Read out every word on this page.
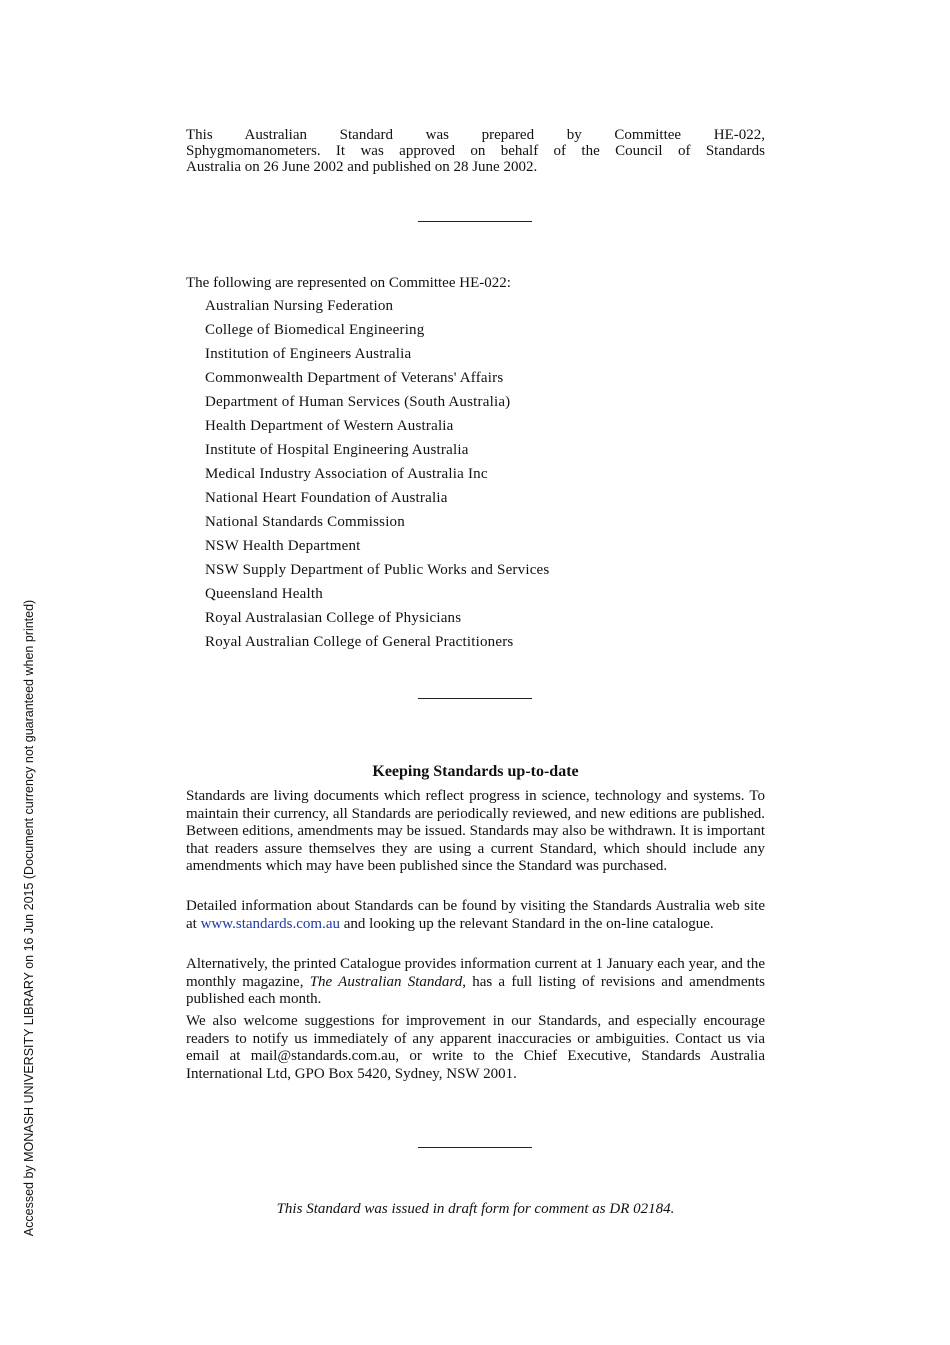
Accessed by MONASH UNIVERSITY LIBRARY on 16 Jun 2015 (Document currency not guaranteed when printed)
This Australian Standard was prepared by Committee HE-022,
Sphygmomanometers. It was approved on behalf of the Council of Standards
Australia on 26 June 2002 and published on 28 June 2002.
The following are represented on Committee HE-022:
Australian Nursing Federation
College of Biomedical Engineering
Institution of Engineers Australia
Commonwealth Department of Veterans' Affairs
Department of Human Services (South Australia)
Health Department of Western Australia
Institute of Hospital Engineering Australia
Medical Industry Association of Australia Inc
National Heart Foundation of Australia
National Standards Commission
NSW Health Department
NSW Supply Department of Public Works and Services
Queensland Health
Royal Australasian College of Physicians
Royal Australian College of General Practitioners
Keeping Standards up-to-date

Standards are living documents which reflect progress in science, technology and systems. To maintain their currency, all Standards are periodically reviewed, and new editions are published. Between editions, amendments may be issued. Standards may also be withdrawn. It is important that readers assure themselves they are using a current Standard, which should include any amendments which may have been published since the Standard was purchased.

Detailed information about Standards can be found by visiting the Standards Australia web site at www.standards.com.au and looking up the relevant Standard in the on-line catalogue.

Alternatively, the printed Catalogue provides information current at 1 January each year, and the monthly magazine, The Australian Standard, has a full listing of revisions and amendments published each month.

We also welcome suggestions for improvement in our Standards, and especially encourage readers to notify us immediately of any apparent inaccuracies or ambiguities. Contact us via email at mail@standards.com.au, or write to the Chief Executive, Standards Australia International Ltd, GPO Box 5420, Sydney, NSW 2001.

This Standard was issued in draft form for comment as DR 02184.
